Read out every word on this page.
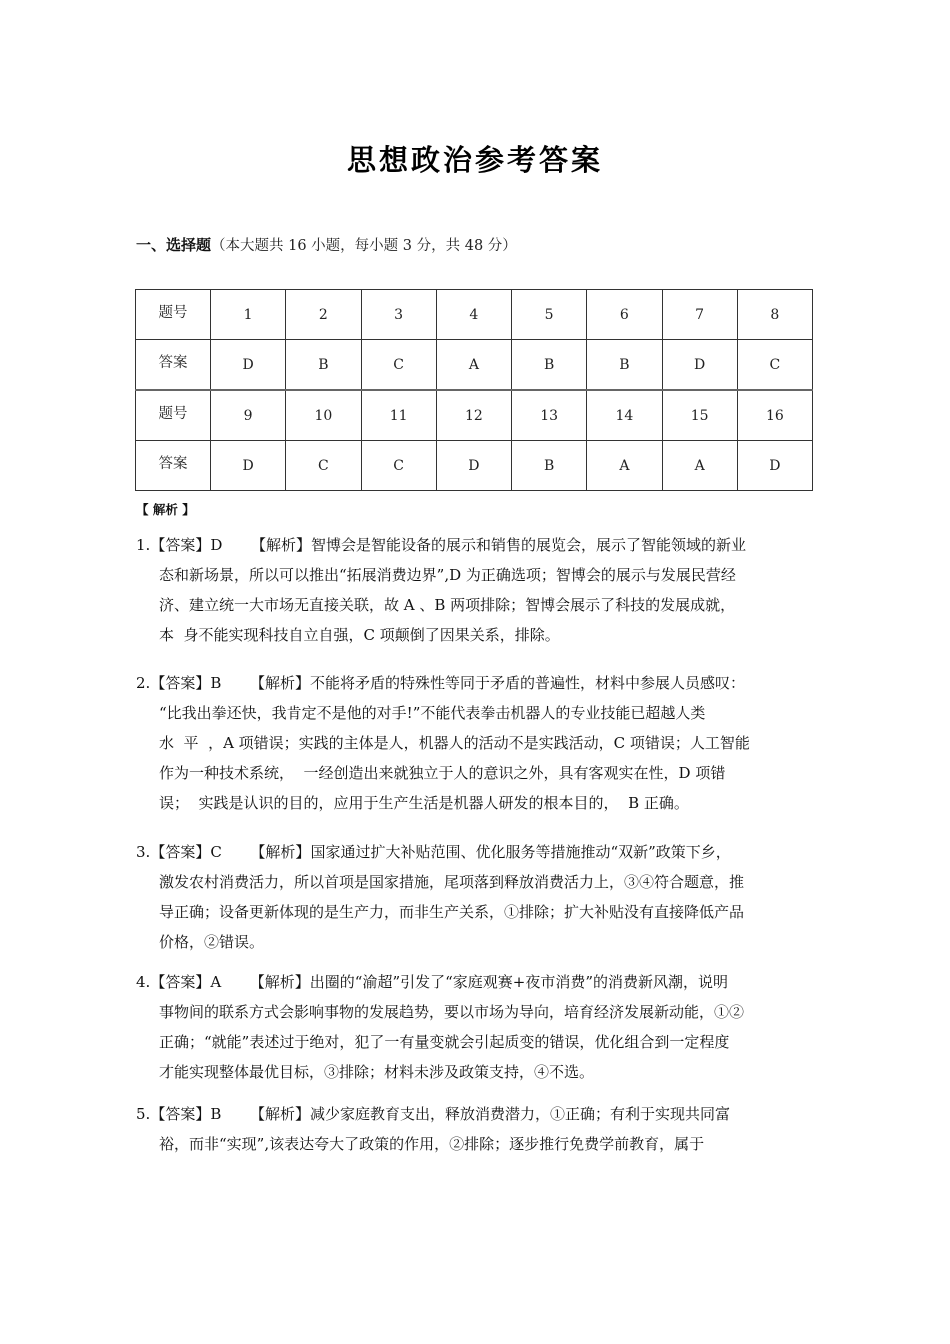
思想政治参考答案
一、选择题（本大题共 16 小题，每小题 3 分，共 48 分）
题号	1	2	3	4	5	6	7	8
答案	D	B	C	A	B	B	D	C
题号	9	10	11	12	13	14	15	16
答案	D	C	C	D	B	A	A	D
【 解析 】
1.【答案】D 【解析】智博会是智能设备的展示和销售的展览会，展示了智能领域的新业
态和新场景，所以可以推出“拓展消费边界”,D 为正确选项；智博会的展示与发展民营经
济、建立统一大市场无直接关联，故 A 、B 两项排除；智博会展示了科技的发展成就，
本  身不能实现科技自立自强，C 项颠倒了因果关系，排除。
2.【答案】B 【解析】不能将矛盾的特殊性等同于矛盾的普遍性，材料中参展人员感叹：
“比我出拳还快，我肯定不是他的对手!”不能代表拳击机器人的专业技能已超越人类
水  平  ，A 项错误；实践的主体是人，机器人的活动不是实践活动，C 项错误；人工智能
作为一种技术系统，  一经创造出来就独立于人的意识之外，具有客观实在性，D 项错
误；  实践是认识的目的，应用于生产生活是机器人研发的根本目的，  B 正确。
3.【答案】C 【解析】国家通过扩大补贴范围、优化服务等措施推动“双新”政策下乡，
激发农村消费活力，所以首项是国家措施，尾项落到释放消费活力上，③④符合题意，推
导正确；设备更新体现的是生产力，而非生产关系，①排除；扩大补贴没有直接降低产品
价格，②错误。
4.【答案】A 【解析】出圈的“渝超”引发了“家庭观赛+夜市消费”的消费新风潮，说明
事物间的联系方式会影响事物的发展趋势，要以市场为导向，培育经济发展新动能，①②
正确；“就能”表述过于绝对，犯了一有量变就会引起质变的错误，优化组合到一定程度
才能实现整体最优目标，③排除；材料未涉及政策支持，④不选。
5.【答案】B 【解析】减少家庭教育支出，释放消费潜力，①正确；有利于实现共同富
裕，而非“实现”,该表达夸大了政策的作用，②排除；逐步推行免费学前教育，属于
